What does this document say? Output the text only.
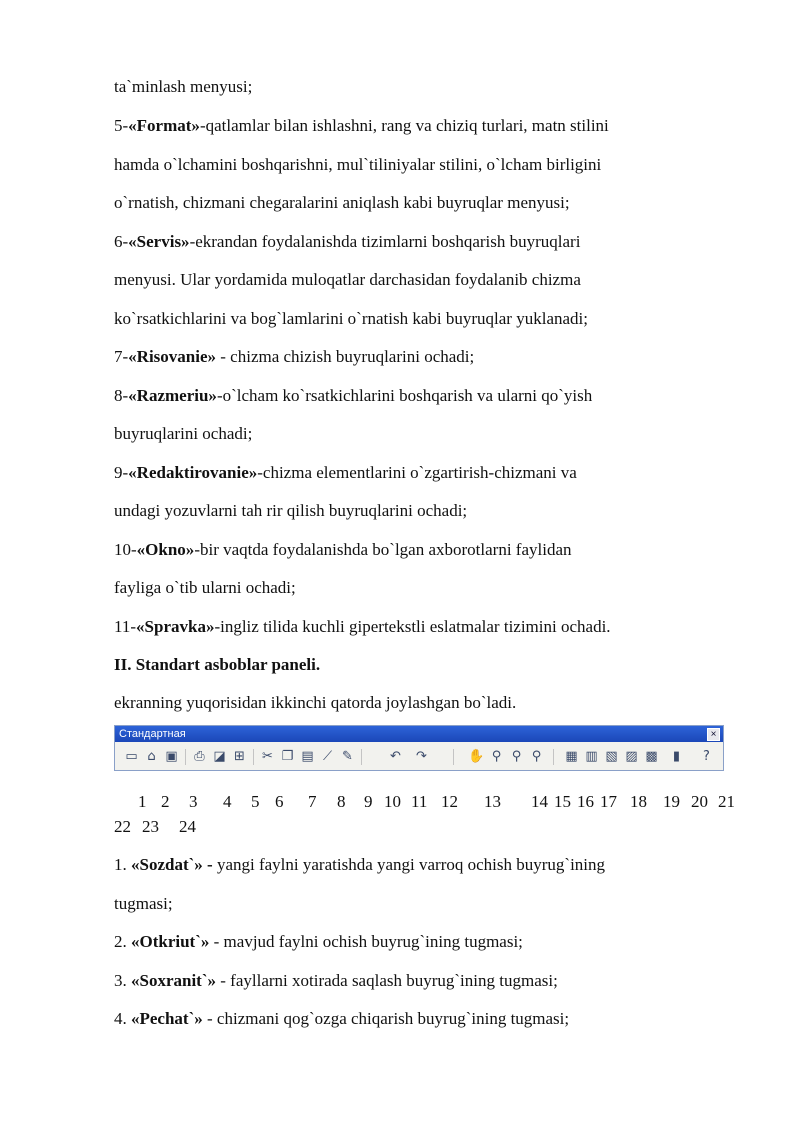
ta`minlash menyusi;
5-«Format»-qatlamlar bilan ishlashni, rang va chiziq turlari, matn stilini
hamda o`lchamini boshqarishni, mul`tiliniyalar stilini, o`lcham birligini
o`rnatish, chizmani chegaralarini aniqlash kabi buyruqlar menyusi;
6-«Servis»-ekrandan foydalanishda tizimlarni boshqarish buyruqlari
menyusi. Ular yordamida muloqatlar darchasidan foydalanib chizma
ko`rsatkichlarini va bog`lamlarini o`rnatish kabi buyruqlar yuklanadi;
7-«Risovanie» - chizma chizish buyruqlarini ochadi;
8-«Razmeriu»-o`lcham ko`rsatkichlarini boshqarish va ularni qo`yish
buyruqlarini ochadi;
9-«Redaktirovanie»-chizma elementlarini o`zgartirish-chizmani va
undagi yozuvlarni tah rir qilish buyruqlarini ochadi;
10-«Okno»-bir vaqtda foydalanishda bo`lgan axborotlarni faylidan
fayliga o`tib ularni ochadi;
11-«Spravka»-ingliz tilida kuchli gipertekstli eslatmalar tizimini ochadi.
II. Standart asboblar paneli.
ekranning yuqorisidan ikkinchi qatorda joylashgan bo`ladi.
Стандартная	×
▭ ⌂ ▣ ⎙ ◪ ⊞ ✂ ❐ ▤ ⟋ ✎	↶ ↷	✋ ⚲ ⚲ ⚲ ▦ ▥ ▧ ▨ ▩	▮	?
1 2 3 4 5 6 7 8 9 10 11 12 13 14 15 16 17 18 19 20 21
22 23 24
1. «Sozdat`» - yangi faylni yaratishda yangi varroq ochish buyrug`ining
tugmasi;
2. «Otkriut`» - mavjud faylni ochish buyrug`ining tugmasi;
3. «Soxranit`» - fayllarni xotirada saqlash buyrug`ining tugmasi;
4. «Pechat`» - chizmani qog`ozga chiqarish buyrug`ining tugmasi;
